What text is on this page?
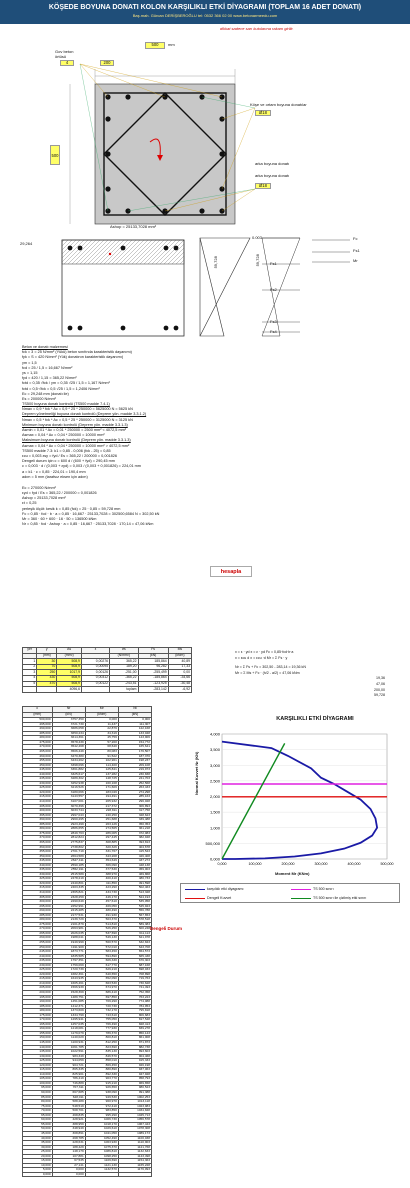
KÖŞEDE BOYUNA DONATI KOLON KARŞILIKLI ETKİ DİYAGRAMI (TOPLAM 16 ADET DONATI)
Baş.mah. Gürcan DERİŞBEROĞLU tel: 0532 366 02 00 www.betonarmeedu.com
dikkat sadece sarı kutularına rakam girilir.
500	mm
500
Gov beton örtüsü
4	200
Köşe ve ortam boyuna donatılar
Ø18
arka boyuna donatı
Ø18
arka boyuna donatı
Ashop = 25133,7028 mm²
29,264
59,728	59,728
0.003
Fs1
Fs2
Fs3
Fs4
Fc
Fs1
Mr
Beton ve donatı malzemesi
fck = 3 = 25 N/mm² (Yükü) beton sınıfında karakteristik dayanımı)
fyk = S = 420 N/mm² (Yük) donatının karakteristik dayanımı)
γm = 1,5
fcd = 25 / 1,5 = 16,667 N/mm²
γs = 1,15
fyd = 420 / 1,15 = 365,22 N/mm²
fctd = 0,35 √fck / γm = 0,35 √25 / 1,5 = 1,167 N/mm²
fctd = 0,5·√fck = 0,5 √25 / 1,5 = 1,2406 N/mm²
Ec = 29,248 mm (donatı ile)
Es = 200000 N/mm²
TS500 boyuna donatı kontrolü (TS500 madde 7.4.1)
Nmax = 0,9 * fck * Ac = 0,9 * 25 * 250000 = 5625000 N = 5625 kN
Deprem yönetmeliği boyuna donatı kontrolü (Deprem yön. madde 3.3.1.2)
Nmax = 0,5 * fck * Ac = 0,5 * 25 * 250000 = 3125000 N = 3125 kN
Minimum boyuna donatı kontrolü (Deprem yön. madde 3.3.1.3)
Asmin = 0,01 * Ac = 0,01 * 250000 = 2500 mm² < 4072,5 mm²
Asmax = 0,04 * Ac = 0,04 * 250000 = 10000 mm²
Maksimum boyuna donatı kontrolü (Deprem yön. madde 3.3.1.3)
Asmax = 0,04 * Ac = 0,04 * 250000 = 10000 mm² > 4072,5 mm²
TS500 madde 7.3: k1 = 0,85 - 0,006 (fck - 25) = 0,85
εcu = 0,003 εsy = fyd / Es = 365,22 / 200000 = 0,001826
Dengeli durum için c = 600 d / (600 + fyd) = 290,45 mm
c = 0,003 · d / (0,003 + εyd) = 0,003 / (0,003 + 0,001826) = 224,01 mm
a = k1 · c = 0,85 · 224,01 = 190,4 mm
adım = 5 mm (tarafsız eksen için adım)
Ec = 270000 N/mm²
εyd = fyd / Es = 365,22 / 200000 = 0,001826
Ashop = 25133,7028 mm²
εt = 0,25
yerleşik ölçüt: kesik k = 0,85 (fck) = 25 · 0,85 = 59,728 mm
Fc = 0,85 · fcd · b · a = 0,85 · 16,667 · 25133,7028 = 302500,6584 N = 302,50 kN
Mr = 360 · 60 + 600 · 16 · 50 = 136500 kNm
Nr = 0,85 · fcd · Ashop · a = 0,85 · 16,667 · 25133,7028 · 170,14 = 47,06 kNm
hesapla
yer	y	As	ε	σs	Fs	Ms
	(mm)	(mm²)		(N/mm²)	(kN)	(kNm)
1	30	508,9	0,00276	365,22	185,864	40,89
2	70	508,9	0,00095	189,20	96,282	17,33
3	250	1017,9	0,00126	-251,00	-255,499	0,00
4	430	508,9	0,00312	-365,22	-185,864	-34,66
5	470	508,9	0,00122	-243,51	-123,925	-30,48
		4096,6		toplam	-283,142	-6,92
x = ε · yd x = ε · yd Fc = 0,85·fcd·b·a
x = εcu d x = εcu ·d Mr = Σ Fs · y
Nr = Σ Fs + Fc = 302,50 - 283,14 = 19,36 kN
Mr = Σ Ms + Fc · (h/2 - a/2) = 47,06 kNm
19,36
47,06
200,00
59,728
c	Nr	Mr	Nt
(mm)	(kN)	(kNm)	(kN)
500,000	3757,350	0,000	0,000
495,000	3721,730	11,437	111,307
490,000	3686,058	22,879	122,168
485,000	3650,234	34,319	133,048
480,000	3614,361	45,759	143,906
475,000	3578,439	57,200	154,772
470,000	3542,468	68,640	165,641
465,000	3506,449	80,083	176,507
460,000	3470,380	91,522	187,370
455,000	3434,262	102,961	198,237
450,000	3398,096	114,400	209,108
445,000	3361,882	125,841	219,973
440,000	3325,617	137,282	230,838
435,000	3289,302	148,725	241,703
430,000	3252,938	160,168	252,568
425,000	3216,526	171,609	263,433
420,000	3180,066	183,049	274,298
415,000	3143,557	194,491	285,163
410,000	3107,001	205,932	296,028
405,000	3070,396	217,372	306,893
400,000	3033,744	228,811	317,758
395,000	2997,043	240,250	328,623
390,000	2960,295	251,688	339,488
385,000	2923,499	263,126	350,353
380,000	2886,655	274,565	361,218
375,000	2849,763	286,005	372,083
370,000	2812,824	297,445	382,948
365,000	2775,837	308,885	393,813
360,000	2738,802	320,326	404,678
355,000	2701,719	331,767	415,543
350,000	2664,589	343,208	426,408
345,000	2627,411	354,649	437,273
340,000	2590,185	366,090	448,138
335,000	2552,911	377,530	459,003
330,000	2515,589	388,970	469,868
325,000	2478,219	400,410	480,733
320,000	2440,801	411,850	491,598
315,000	2403,335	423,290	502,463
310,000	2365,821	434,730	513,328
305,000	2328,259	446,170	524,193
300,000	2290,649	457,610	535,058
295,000	2252,991	469,050	545,923
290,000	2215,285	480,490	556,788
285,000	2177,531	491,930	567,653
280,000	2139,729	503,370	578,518
275,000	2101,879	514,810	589,383
270,000	2063,981	526,250	600,248
265,000	2026,035	537,690	611,113
260,000	1988,041	549,130	621,978
255,000	1949,999	560,570	632,843
250,000	1911,909	572,010	643,708
245,000	1873,771	583,450	654,573
240,000	1835,585	594,890	665,438
235,000	1797,351	606,330	676,303
230,000	1759,069	617,770	687,168
225,000	1720,739	629,210	698,033
220,000	1682,361	640,650	708,898
215,000	1643,935	652,090	719,763
210,000	1605,461	663,530	730,628
205,000	1566,939	674,970	741,493
200,000	1528,369	686,410	752,358
195,000	1489,751	697,850	763,223
190,000	1451,085	709,290	774,088
185,000	1412,371	720,730	784,953
180,000	1373,609	732,170	795,818
175,000	1334,799	743,610	806,683
170,000	1295,941	755,050	817,548
165,000	1257,035	766,490	828,413
160,000	1218,081	777,930	839,278
155,000	1179,079	789,370	850,143
150,000	1140,029	800,810	861,008
145,000	1100,931	812,250	871,873
140,000	1061,785	823,690	882,738
135,000	1022,591	835,130	893,603
130,000	983,349	846,570	904,468
125,000	944,059	858,010	915,333
120,000	904,721	869,450	926,198
115,000	865,335	880,890	937,063
110,000	825,901	892,330	947,928
105,000	786,419	903,770	958,793
100,000	746,889	915,210	969,658
95,000	707,311	926,650	980,523
90,000	667,685	938,090	991,388
85,000	628,011	949,530	1002,253
80,000	588,289	960,970	1013,118
75,000	548,519	972,410	1023,983
70,000	508,701	983,850	1034,848
65,000	468,835	995,290	1045,713
60,000	428,921	1006,730	1056,578
55,000	388,959	1018,170	1067,443
50,000	348,949	1029,610	1078,308
45,000	308,891	1041,050	1089,173
40,000	268,785	1052,490	1100,038
35,000	228,631	1063,930	1110,903
30,000	188,429	1075,370	1121,768
25,000	148,179	1086,810	1132,633
20,000	107,881	1098,250	1143,498
15,000	67,535	1109,690	1154,363
10,000	27,141	1121,130	1165,228
5,000	0,000	1132,570	1176,093
0,000	0,000		
Dengeli Durum
KARŞILIKLI ETKİ DİYAGRAMI
0,000
500,000
1,000
1,500
2,000
2,500
3,000
3,500
4,000
0,000	100,000	200,000	300,000	400,000	500,000
Normal Kuvvet Nr (KN)
Moment Mr (KNm)
karşılıklı etki diyagramı	TS 500 sınırı
Dengeli Kuvvet	TS 500 sınırı ile çizilmiş etki sınırı
